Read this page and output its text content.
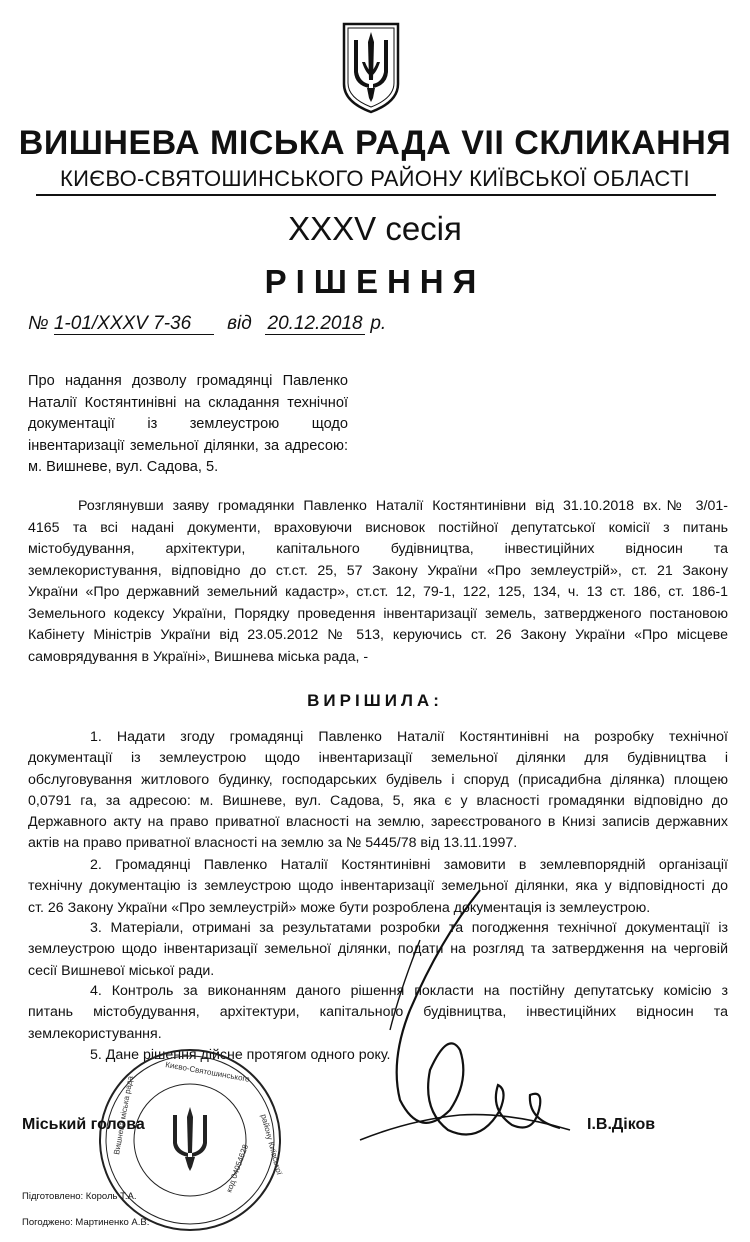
ВИШНЕВА МІСЬКА РАДА VII СКЛИКАННЯ
КИЄВО-СВЯТОШИНСЬКОГО РАЙОНУ КИЇВСЬКОЇ ОБЛАСТІ
XXXV сесія
РІШЕННЯ
№ 1-01/XXXV 7-36 від 20.12.2018 р.
Про надання дозволу громадянці Павленко
Наталії Костянтинівні на складання технічної
документації із землеустрою щодо
інвентаризації земельної ділянки, за адресою:
м. Вишневе, вул. Садова, 5.
Розглянувши заяву громадянки Павленко Наталії Костянтинівни від 31.10.2018 вх.№ 3/01-
4165 та всі надані документи, враховуючи висновок постійної депутатської комісії з питань
містобудування, архітектури, капітального будівництва, інвестиційних відносин та
землекористування, відповідно до ст.ст. 25, 57 Закону України «Про землеустрій», ст. 21 Закону
України «Про державний земельний кадастр», ст.ст. 12, 79-1, 122, 125, 134, ч. 13 ст. 186, ст. 186-1
Земельного кодексу України, Порядку проведення інвентаризації земель, затвердженого постановою
Кабінету Міністрів України від 23.05.2012 № 513, керуючись ст. 26 Закону України «Про місцеве
самоврядування в Україні», Вишнева міська рада, -
ВИРІШИЛА:
1. Надати згоду громадянці Павленко Наталії Костянтинівні на розробку технічної
документації із землеустрою щодо інвентаризації земельної ділянки для будівництва і
обслуговування житлового будинку, господарських будівель і споруд (присадибна ділянка) площею
0,0791 га, за адресою: м. Вишневе, вул. Садова, 5, яка є у власності громадянки відповідно до
Державного акту на право приватної власності на землю, зареєстрованого в Книзі записів державних
актів на право приватної власності на землю за № 5445/78 від 13.11.1997.
2. Громадянці Павленко Наталії Костянтинівні замовити в землевпорядній організації
технічну документацію із землеустрою щодо інвентаризації земельної ділянки, яка у відповідності до
ст. 26 Закону України «Про землеустрій» може бути розроблена документація із землеустрою.
3. Матеріали, отримані за результатами розробки та погодження технічної документації із
землеустрою щодо інвентаризації земельної ділянки, подати на розгляд та затвердження на черговій
сесії Вишневої міської ради.
4. Контроль за виконанням даного рішення покласти на постійну депутатську комісію з
питань містобудування, архітектури, капітального будівництва, інвестиційних відносин та
землекористування.
5. Дане рішення дійсне протягом одного року.
Вишнева міська рада
Києво-Святошинського
району Київської
код 04054628
Міський голова	І.В.Діков
Підготовлено: Король Т.А.
Погоджено: Мартиненко А.В.
